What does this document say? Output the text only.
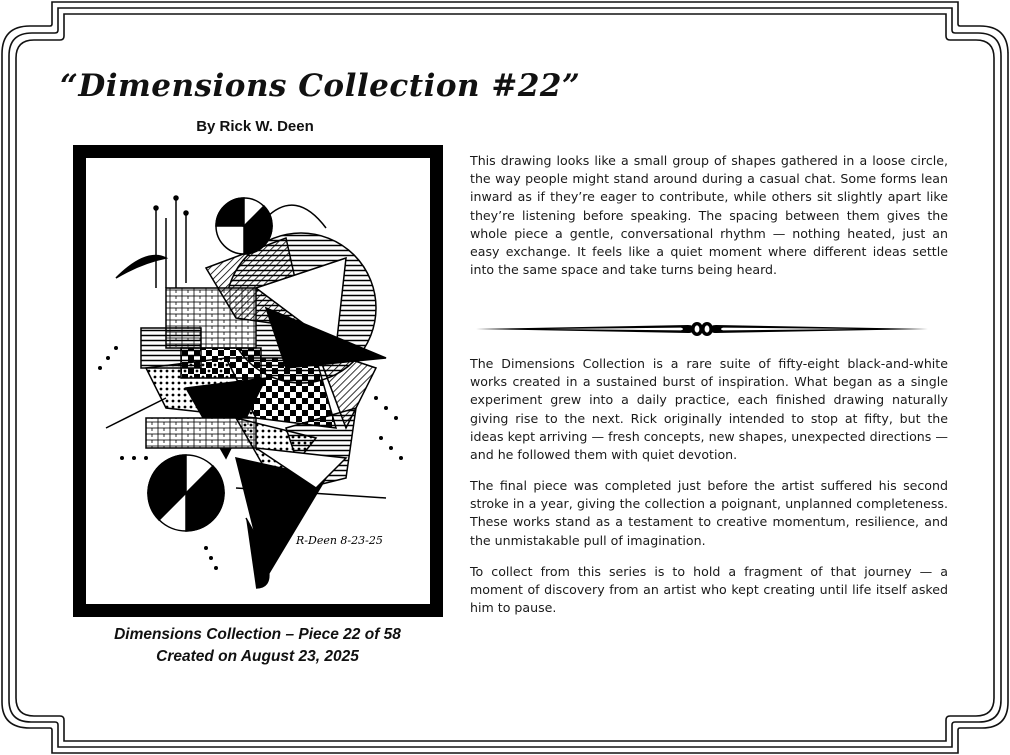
“Dimensions Collection #22”
By Rick W. Deen
R-Deen 8-23-25
Dimensions Collection – Piece 22 of 58
Created on August 23, 2025

This drawing looks like a small group of shapes gathered in a loose circle, the way people might stand around during a casual chat. Some forms lean inward as if they’re eager to contribute, while others sit slightly apart like they’re listening before speaking. The spacing between them gives the whole piece a gentle, conversational rhythm — nothing heated, just an easy exchange. It feels like a quiet moment where different ideas settle into the same space and take turns being heard.

The Dimensions Collection is a rare suite of fifty-eight black-and-white works created in a sustained burst of inspiration. What began as a single experiment grew into a daily practice, each finished drawing naturally giving rise to the next. Rick originally intended to stop at fifty, but the ideas kept arriving — fresh concepts, new shapes, unexpected directions — and he followed them with quiet devotion.

The final piece was completed just before the artist suffered his second stroke in a year, giving the collection a poignant, unplanned completeness. These works stand as a testament to creative momentum, resilience, and the unmistakable pull of imagination.

To collect from this series is to hold a fragment of that journey — a moment of discovery from an artist who kept creating until life itself asked him to pause.
